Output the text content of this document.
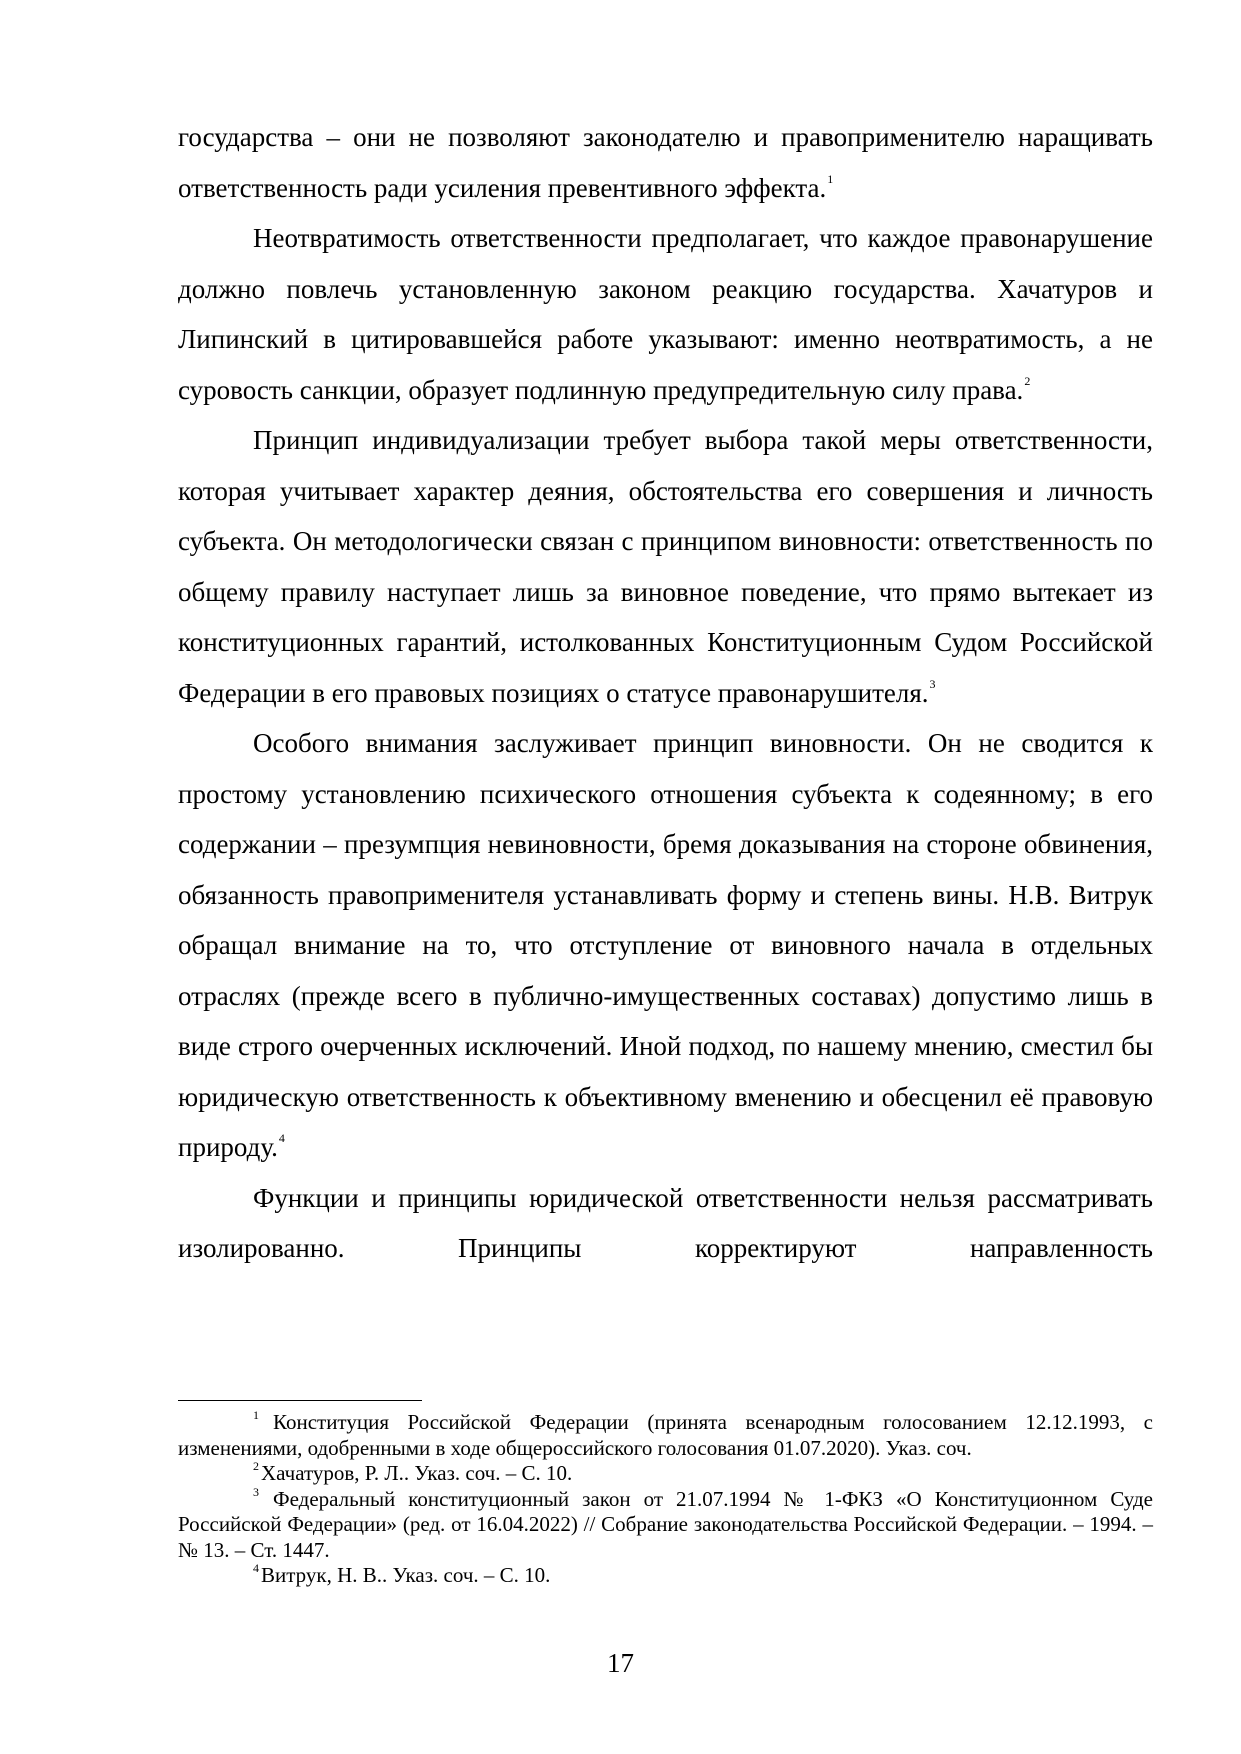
государства – они не позволяют законодателю и правоприменителю наращивать ответственность ради усиления превентивного эффекта.$^1$

Неотвратимость ответственности предполагает, что каждое правонарушение должно повлечь установленную законом реакцию государства. Хачатуров и Липинский в цитировавшейся работе указывают: именно неотвратимость, а не суровость санкции, образует подлинную предупредительную силу права.$^2$

Принцип индивидуализации требует выбора такой меры ответственности, которая учитывает характер деяния, обстоятельства его совершения и личность субъекта. Он методологически связан с принципом виновности: ответственность по общему правилу наступает лишь за виновное поведение, что прямо вытекает из конституционных гарантий, истолкованных Конституционным Судом Российской Федерации в его правовых позициях о статусе правонарушителя.$^3$

Особого внимания заслуживает принцип виновности. Он не сводится к простому установлению психического отношения субъекта к содеянному; в его содержании – презумпция невиновности, бремя доказывания на стороне обвинения, обязанность правоприменителя устанавливать форму и степень вины. Н.В. Витрук обращал внимание на то, что отступление от виновного начала в отдельных отраслях (прежде всего в публично-имущественных составах) допустимо лишь в виде строго очерченных исключений. Иной подход, по нашему мнению, сместил бы юридическую ответственность к объективному вменению и обесценил её правовую природу.$^4$

Функции и принципы юридической ответственности нельзя рассматривать изолированно. Принципы корректируют направленность

$^1$ Конституция Российской Федерации (принята всенародным голосованием 12.12.1993, с изменениями, одобренными в ходе общероссийского голосования 01.07.2020). Указ. соч.

$^2$Хачатуров, Р. Л.. Указ. соч. – С. 10.

$^3$ Федеральный конституционный закон от 21.07.1994 № 1-ФКЗ «О Конституционном Суде Российской Федерации» (ред. от 16.04.2022) // Собрание законодательства Российской Федерации. – 1994. – № 13. – Ст. 1447.

$^4$Витрук, Н. В.. Указ. соч. – С. 10.

17
